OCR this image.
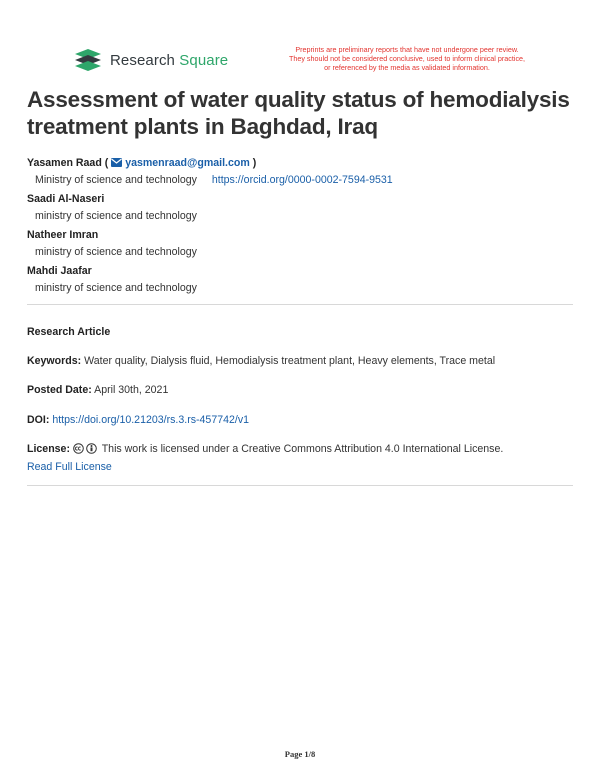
Research Square
Preprints are preliminary reports that have not undergone peer review.
They should not be considered conclusive, used to inform clinical practice,
or referenced by the media as validated information.
Assessment of water quality status of hemodialysis treatment plants in Baghdad, Iraq
Yasamen Raad ( yasmenraad@gmail.com )
Ministry of science and technology https://orcid.org/0000-0002-7594-9531
Saadi Al-Naseri
ministry of science and technology
Natheer Imran
ministry of science and technology
Mahdi Jaafar
ministry of science and technology
Research Article
Keywords: Water quality, Dialysis fluid, Hemodialysis treatment plant, Heavy elements, Trace metal
Posted Date: April 30th, 2021
DOI: https://doi.org/10.21203/rs.3.rs-457742/v1
License:	This work is licensed under a Creative Commons Attribution 4.0 International License.
Read Full License
Page 1/8
